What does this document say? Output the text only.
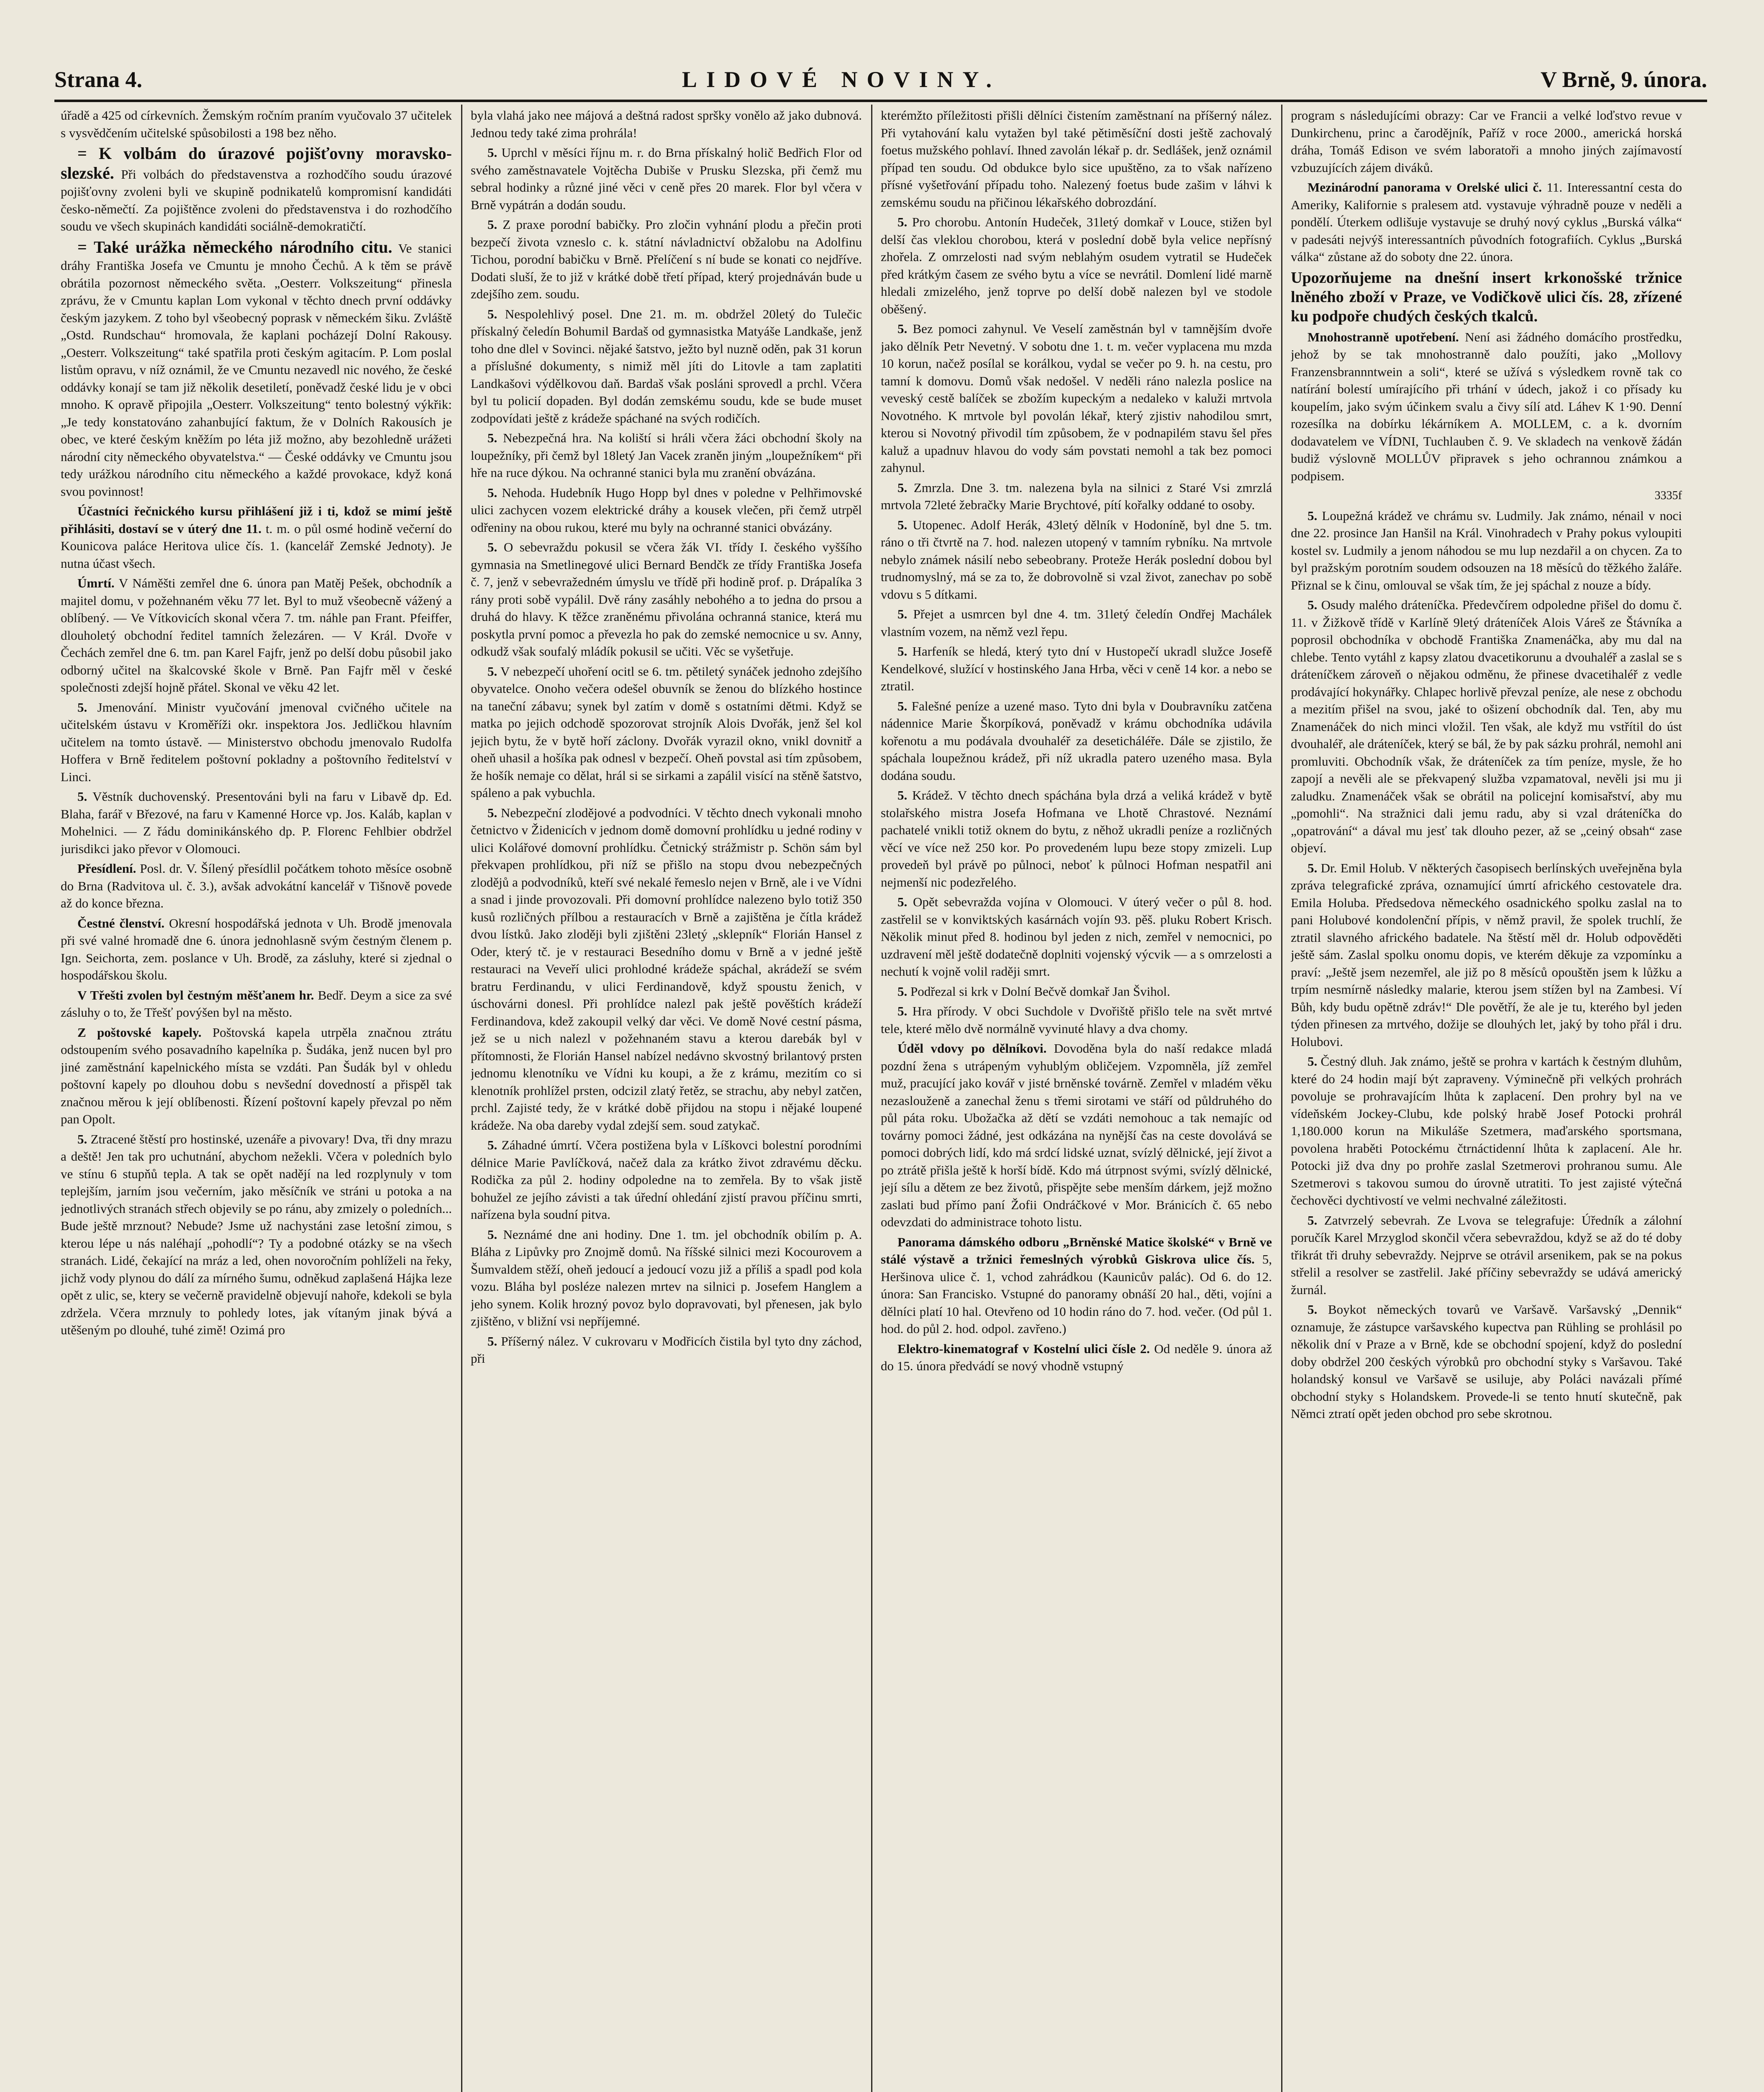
Strana 4.	LIDOVÉ NOVINY.	V Brně, 9. února.

úřadě a 425 od církevních. Žemským ročním praním vyučovalo 37 učitelek s vysvědčením učitelské spůsobilosti a 198 bez něho.

= K volbám do úrazové pojišťovny moravsko-slezské. Při volbách do představenstva a rozhodčího soudu úrazové pojišťovny zvoleni byli ve skupině podnikatelů kompromisní kandidáti česko-němečtí. Za pojištěnce zvoleni do představenstva i do rozhodčího soudu ve všech skupinách kandidáti sociálně-demokratičtí.

= Také urážka německého národního citu. Ve stanici dráhy Františka Josefa ve Cmuntu je mnoho Čechů. A k těm se právě obrátila pozornost německého světa. „Oesterr. Volkszeitung“ přinesla zprávu, že v Cmuntu kaplan Lom vykonal v těchto dnech první oddávky českým jazykem. Z toho byl všeobecný poprask v německém šiku. Zvláště „Ostd. Rundschau“ hromovala, že kaplani pocházejí Dolní Rakousy. „Oesterr. Volkszeitung“ také spatřila proti českým agitacím. P. Lom poslal listům opravu, v níž oznámil, že ve Cmuntu nezavedl nic nového, že české oddávky konají se tam již několik desetiletí, poněvadž české lidu je v obci mnoho. K opravě připojila „Oesterr. Volkszeitung“ tento bolestný výkřik: „Je tedy konstatováno zahanbující faktum, že v Dolních Rakousích je obec, ve které českým kněžím po léta již možno, aby bezohledně urážeti národní city německého obyvatelstva.“ — České oddávky ve Cmuntu jsou tedy urážkou národního citu německého a každé provokace, když koná svou povinnost!

Účastníci řečnického kursu přihlášení již i ti, kdož se mimí ještě přihlásiti, dostaví se v úterý dne 11. t. m. o půl osmé hodině večerní do Kounicova paláce Heritova ulice čís. 1. (kancelář Zemské Jednoty). Je nutna účast všech.

Úmrtí. V Náměšti zemřel dne 6. února pan Matěj Pešek, obchodník a majitel domu, v požehnaném věku 77 let. Byl to muž všeobecně vážený a oblíbený. — Ve Vítkovicích skonal včera 7. tm. náhle pan Frant. Pfeiffer, dlouholetý obchodní ředitel tamních železáren. — V Král. Dvoře v Čechách zemřel dne 6. tm. pan Karel Fajfr, jenž po delší dobu působil jako odborný učitel na škalcovské škole v Brně. Pan Fajfr měl v české společnosti zdejší hojně přátel. Skonal ve věku 42 let.

5. Jmenování. Ministr vyučování jmenoval cvičného učitele na učitelském ústavu v Kroměříži okr. inspektora Jos. Jedličkou hlavním učitelem na tomto ústavě. — Ministerstvo obchodu jmenovalo Rudolfa Hoffera v Brně ředitelem poštovní pokladny a poštovního ředitelství v Linci.

5. Věstník duchovenský. Presentováni byli na faru v Libavě dp. Ed. Blaha, farář v Březové, na faru v Kamenné Horce vp. Jos. Kaláb, kaplan v Mohelnici. — Z řádu dominikánského dp. P. Florenc Fehlbier obdržel jurisdikci jako převor v Olomouci.

Přesídlení. Posl. dr. V. Šílený přesídlil počátkem tohoto měsíce osobně do Brna (Radvitova ul. č. 3.), avšak advokátní kancelář v Tišnově povede až do konce března.

Čestné členství. Okresní hospodářská jednota v Uh. Brodě jmenovala při své valné hromadě dne 6. února jednohlasně svým čestným členem p. Ign. Seichorta, zem. poslance v Uh. Brodě, za zásluhy, které si zjednal o hospodářskou školu.

V Třešti zvolen byl čestným měšťanem hr. Bedř. Deym a sice za své zásluhy o to, že Třešť povýšen byl na město.

Z poštovské kapely. Poštovská kapela utrpěla značnou ztrátu odstoupením svého posavadního kapelníka p. Šudáka, jenž nucen byl pro jiné zaměstnání kapelnického místa se vzdáti. Pan Šudák byl v ohledu poštovní kapely po dlouhou dobu s nevšední dovedností a přispěl tak značnou měrou k její oblíbenosti. Řízení poštovní kapely převzal po něm pan Opolt.

5. Ztracené štěstí pro hostinské, uzenáře a pivovary! Dva, tři dny mrazu a deště! Jen tak pro uchutnání, abychom nežekli. Včera v poledních bylo ve stínu 6 stupňů tepla. A tak se opět nadějí na led rozplynuly v tom teplejším, jarním jsou večerním, jako měsíčník ve stráni u potoka a na jednotlivých stranách střech objevily se po ránu, aby zmizely o poledních... Bude ještě mrznout? Nebude? Jsme už nachystáni zase letošní zimou, s kterou lépe u nás naléhají „pohodlí“? Ty a podobné otázky se na všech stranách. Lidé, čekající na mráz a led, ohen novoročním pohlíželi na řeky, jichž vody plynou do dálí za mírného šumu, odněkud zaplašená Hájka leze opět z ulic, se, ktery se večerně pravidelně objevují nahoře, kdekoli se byla zdržela. Včera mrznuly to pohledy lotes, jak vítaným jinak bývá a utěšeným po dlouhé, tuhé zimě! Ozimá pro

byla vlahá jako nee májová a deštná radost spršky vonělo až jako dubnová. Jednou tedy také zima prohrála!

5. Uprchl v měsíci říjnu m. r. do Brna přískalný holič Bedřich Flor od svého zaměstnavatele Vojtěcha Dubiše v Prusku Slezska, při čemž mu sebral hodinky a různé jiné věci v ceně přes 20 marek. Flor byl včera v Brně vypátrán a dodán soudu.

5. Z praxe porodní babičky. Pro zločin vyhnání plodu a přečin proti bezpečí života vzneslo c. k. státní návladnictví obžalobu na Adolfinu Tichou, porodní babičku v Brně. Přelíčení s ní bude se konati co nejdříve. Dodati sluší, že to již v krátké době třetí případ, který projednáván bude u zdejšího zem. soudu.

5. Nespolehlivý posel. Dne 21. m. m. obdržel 20letý do Tulečic přískalný čeledín Bohumil Bardaš od gymnasistka Matyáše Landkaše, jenž toho dne dlel v Sovinci. nějaké šatstvo, ježto byl nuzně oděn, pak 31 korun a příslušné dokumenty, s nimiž měl jíti do Litovle a tam zaplatiti Landkašovi výdělkovou daň. Bardaš však posláni sprovedl a prchl. Včera byl tu policií dopaden. Byl dodán zemskému soudu, kde se bude muset zodpovídati ještě z krádeže spáchané na svých rodičích.

5. Nebezpečná hra. Na koliští si hráli včera žáci obchodní školy na loupežníky, při čemž byl 18letý Jan Vacek zraněn jiným „loupežníkem“ při hře na ruce dýkou. Na ochranné stanici byla mu zranění obvázána.

5. Nehoda. Hudebník Hugo Hopp byl dnes v poledne v Pelhřimovské ulici zachycen vozem elektrické dráhy a kousek vlečen, při čemž utrpěl odřeniny na obou rukou, které mu byly na ochranné stanici obvázány.

5. O sebevraždu pokusil se včera žák VI. třídy I. českého vyššího gymnasia na Smetlinegové ulici Bernard Bendčk ze třídy Františka Josefa č. 7, jenž v sebevražedném úmyslu ve třídě při hodině prof. p. Drápalíka 3 rány proti sobě vypálil. Dvě rány zasáhly nebohého a to jedna do prsou a druhá do hlavy. K těžce zraněnému přivolána ochranná stanice, která mu poskytla první pomoc a převezla ho pak do zemské nemocnice u sv. Anny, odkudž však soufalý mládík pokusil se učiti. Věc se vyšetřuje.

5. V nebezpečí uhoření ocitl se 6. tm. pětiletý synáček jednoho zdejšího obyvatelce. Onoho večera odešel obuvník se ženou do blízkého hostince na taneční zábavu; synek byl zatím v domě s ostatními dětmi. Když se matka po jejich odchodě spozorovat strojník Alois Dvořák, jenž šel kol jejich bytu, že v bytě hoří záclony. Dvořák vyrazil okno, vnikl dovnitř a oheň uhasil a hošíka pak odnesl v bezpečí. Oheň povstal asi tím způsobem, že hošík nemaje co dělat, hrál si se sirkami a zapálil visící na stěně šatstvo, spáleno a pak vybuchla.

5. Nebezpeční zlodějové a podvodníci. V těchto dnech vykonali mnoho četnictvo v Židenicích v jednom domě domovní prohlídku u jedné rodiny v ulici Kolářové domovní prohlídku. Četnický strážmistr p. Schön sám byl překvapen prohlídkou, při níž se přišlo na stopu dvou nebezpečných zlodějů a podvodníků, kteří své nekalé řemeslo nejen v Brně, ale i ve Vídni a snad i jinde provozovali. Při domovní prohlídce nalezeno bylo totiž 350 kusů rozličných přílbou a restauracích v Brně a zajištěna je čítla krádež dvou lístků. Jako zloději byli zjištěni 23letý „sklepník“ Florián Hansel z Oder, který tč. je v restauraci Besedního domu v Brně a v jedné ještě restauraci na Veveří ulici prohlodné krádeže spáchal, akrádeží se svém bratru Ferdinandu, v ulici Ferdinandově, když spoustu ženich, v úschovárni donesl. Při prohlídce nalezl pak ještě pověštích krádeží Ferdinandova, kdež zakoupil velký dar věci. Ve domě Nové cestní pásma, jež se u nich nalezl v požehnaném stavu a kterou darebák byl v přítomnosti, že Florián Hansel nabízel nedávno skvostný brilantový prsten jednomu klenotníku ve Vídni ku koupi, a že z krámu, mezitím co si klenotník prohlížel prsten, odcizil zlatý řetěz, se strachu, aby nebyl zatčen, prchl. Zajisté tedy, že v krátké době přijdou na stopu i nějaké loupené krádeže. Na oba dareby vydal zdejší sem. soud zatykač.

5. Záhadné úmrtí. Včera postižena byla v Líškovci bolestní porodními délnice Marie Pavlíčková, načež dala za krátko život zdravému děcku. Rodička za půl 2. hodiny odpoledne na to zemřela. By to však jistě bohužel ze jejího závisti a tak úřední ohledání zjistí pravou příčinu smrti, nařízena byla soudní pitva.

5. Neznámé dne ani hodiny. Dne 1. tm. jel obchodník obilím p. A. Bláha z Lipůvky pro Znojmě domů. Na říšské silnici mezi Kocourovem a Šumvaldem stěží, oheň jedoucí a jedoucí vozu již a příliš a spadl pod kola vozu. Bláha byl posléze nalezen mrtev na silnici p. Josefem Hanglem a jeho synem. Kolik hrozný povoz bylo dopravovati, byl přenesen, jak bylo zjištěno, v bližní vsi nepříjemné.

5. Příšerný nález. V cukrovaru v Modřicích čistila byl tyto dny záchod, při

kterémžto příležitosti přišli dělníci čistením zaměstnaní na příšerný nález. Při vytahování kalu vytažen byl také pětiměsíční dosti ještě zachovalý foetus mužského pohlaví. Ihned zavolán lékař p. dr. Sedlášek, jenž oznámil případ ten soudu. Od obdukce bylo sice upuštěno, za to však nařízeno přísné vyšetřování případu toho. Nalezený foetus bude zašim v láhvi k zemskému soudu na přičinou lékařského dobrozdání.

5. Pro chorobu. Antonín Hudeček, 31letý domkař v Louce, stižen byl delší čas vleklou chorobou, která v poslední době byla velice nepřísný zhořela. Z omrzelosti nad svým neblahým osudem vytratil se Hudeček před krátkým časem ze svého bytu a více se nevrátil. Domlení lidé marně hledali zmizelého, jenž toprve po delší době nalezen byl ve stodole oběšený.

5. Bez pomoci zahynul. Ve Veselí zaměstnán byl v tamnějším dvoře jako dělník Petr Nevetný. V sobotu dne 1. t. m. večer vyplacena mu mzda 10 korun, načež posílal se korálkou, vydal se večer po 9. h. na cestu, pro tamní k domovu. Domů však nedošel. V neděli ráno nalezla poslice na veveský cestě balíček se zbožím kupeckým a nedaleko v kaluži mrtvola Novotného. K mrtvole byl povolán lékař, který zjistiv nahodilou smrt, kterou si Novotný přivodil tím způsobem, že v podnapilém stavu šel přes kaluž a upadnuv hlavou do vody sám povstati nemohl a tak bez pomoci zahynul.

5. Zmrzla. Dne 3. tm. nalezena byla na silnici z Staré Vsi zmrzlá mrtvola 72leté žebračky Marie Brychtové, pítí kořalky oddané to osoby.

5. Utopenec. Adolf Herák, 43letý dělník v Hodoníně, byl dne 5. tm. ráno o tři čtvrtě na 7. hod. nalezen utopený v tamním rybníku. Na mrtvole nebylo známek násilí nebo sebeobrany. Proteže Herák poslední dobou byl trudnomyslný, má se za to, že dobrovolně si vzal život, zanechav po sobě vdovu s 5 dítkami.

5. Přejet a usmrcen byl dne 4. tm. 31letý čeledín Ondřej Machálek vlastním vozem, na němž vezl řepu.

5. Harfeník se hledá, který tyto dní v Hustopečí ukradl služce Josefě Kendelkové, služící v hostinského Jana Hrba, věci v ceně 14 kor. a nebo se ztratil.

5. Falešné peníze a uzené maso. Tyto dni byla v Doubravníku zatčena nádennice Marie Škorpíková, poněvadž v krámu obchodníka udávila kořenotu a mu podávala dvouhaléř za deseticháléře. Dále se zjistilo, že spáchala loupežnou krádež, při níž ukradla patero uzeného masa. Byla dodána soudu.

5. Krádež. V těchto dnech spáchána byla drzá a veliká krádež v bytě stolařského mistra Josefa Hofmana ve Lhotě Chrastové. Neznámí pachatelé vnikli totiž oknem do bytu, z něhož ukradli peníze a rozličných věcí ve více než 250 kor. Po provedeném lupu beze stopy zmizeli. Lup provedeň byl právě po půlnoci, neboť k půlnoci Hofman nespatřil ani nejmenší nic podezřelého.

5. Opět sebevražda vojína v Olomouci. V úterý večer o půl 8. hod. zastřelil se v konviktských kasárnách vojín 93. pěš. pluku Robert Krisch. Několik minut před 8. hodinou byl jeden z nich, zemřel v nemocnici, po uzdravení měl ještě dodatečně doplniti vojenský výcvik — a s omrzelosti a nechutí k vojně volil raději smrt.

5. Podřezal si krk v Dolní Bečvě domkař Jan Švihol.

5. Hra přírody. V obci Suchdole v Dvořiště přišlo tele na svět mrtvé tele, které mělo dvě normálně vyvinuté hlavy a dva chomy.

Úděl vdovy po dělníkovi. Dovoděna byla do naší redakce mladá pozdní žena s utrápeným vyhublým obličejem. Vzpomněla, jíž zemřel muž, pracující jako kovář v jisté brněnské továrně. Zemřel v mladém věku nezaslouženě a zanechal ženu s třemi sirotami ve stáří od půldruhého do půl páta roku. Ubožačka až dětí se vzdáti nemohouc a tak nemajíc od továrny pomoci žádné, jest odkázána na nynější čas na ceste dovolává se pomoci dobrých lidí, kdo má srdcí lidské uznat, svízlý dělnické, její život a po ztrátě přišla ještě k horší bídě. Kdo má útrpnost svými, svízlý dělnické, její sílu a dětem ze bez životů, přispějte sebe menším dárkem, jejž možno zaslati bud přímo paní Žofii Ondráčkové v Mor. Bránicích č. 65 nebo odevzdati do administrace tohoto listu.

Panorama dámského odboru „Brněnské Matice školské“ v Brně ve stálé výstavě a tržnici řemeslných výrobků Giskrova ulice čís. 5, Heršinova ulice č. 1, vchod zahrádkou (Kaunicův palác). Od 6. do 12. února: San Francisko. Vstupné do panoramy obnáší 20 hal., děti, vojíni a dělníci platí 10 hal. Otevřeno od 10 hodin ráno do 7. hod. večer. (Od půl 1. hod. do půl 2. hod. odpol. zavřeno.)

Elektro-kinematograf v Kostelní ulici čísle 2. Od neděle 9. února až do 15. února předvádí se nový vhodně vstupný

program s následujícími obrazy: Car ve Francii a velké loďstvo revue v Dunkirchenu, princ a čarodějník, Paříž v roce 2000., americká horská dráha, Tomáš Edison ve svém laboratoři a mnoho jiných zajímavostí vzbuzujících zájem diváků.

Mezinárodní panorama v Orelské ulici č. 11. Interessantní cesta do Ameriky, Kalifornie s pralesem atd. vystavuje výhradně pouze v neděli a pondělí. Úterkem odlišuje vystavuje se druhý nový cyklus „Burská válka“ v padesáti nejvýš interessantních původních fotografiích. Cyklus „Burská válka“ zůstane až do soboty dne 22. února.

Upozorňujeme na dnešní insert krkonošské tržnice lněného zboží v Praze, ve Vodičkově ulici čís. 28, zřízené ku podpoře chudých českých tkalců.

Mnohostranně upotřebení. Není asi žádného domácího prostředku, jehož by se tak mnohostranně dalo použíti, jako „Mollovy Franzensbrannntwein a soli“, které se užívá s výsledkem rovně tak co natírání bolestí umírajícího při trhání v údech, jakož i co přísady ku koupelím, jako svým účinkem svalu a čivy sílí atd. Láhev K 1·90. Denní rozesílka na dobírku lékárníkem A. MOLLEM, c. a k. dvorním dodavatelem ve VÍDNI, Tuchlauben č. 9. Ve skladech na venkově žádán budiž výslovně MOLLŮV připravek s jeho ochrannou známkou a podpisem.

3335f

5. Loupežná krádež ve chrámu sv. Ludmily. Jak známo, nénail v noci dne 22. prosince Jan Hanšil na Král. Vinohradech v Prahy pokus vyloupiti kostel sv. Ludmily a jenom náhodou se mu lup nezdařil a on chycen. Za to byl pražským porotním soudem odsouzen na 18 měsíců do těžkého žaláře. Přiznal se k činu, omlouval se však tím, že jej spáchal z nouze a bídy.

5. Osudy malého dráteníčka. Předevčírem odpoledne přišel do domu č. 11. v Žižkově třídě v Karlíně 9letý dráteníček Alois Váreš ze Štávníka a poprosil obchodníka v obchodě Františka Znamenáčka, aby mu dal na chlebe. Tento vytáhl z kapsy zlatou dvacetikorunu a dvouhaléř a zaslal se s dráteníčkem zároveň o nějakou odměnu, že přinese dvacetihaléř z vedle prodávající hokynářky. Chlapec horlivě převzal peníze, ale nese z obchodu a mezitím přišel na svou, jaké to ošizení obchodník dal. Ten, aby mu Znamenáček do nich minci vložil. Ten však, ale když mu vstřítil do úst dvouhaléř, ale dráteníček, který se bál, že by pak sázku prohrál, nemohl ani promluviti. Obchodník však, že dráteníček za tím peníze, mysle, že ho zapojí a nevěli ale se překvapený služba vzpamatoval, nevěli jsi mu ji zaludku. Znamenáček však se obrátil na policejní komisařství, aby mu „pomohli“. Na stražnici dali jemu radu, aby si vzal dráteníčka do „opatrování“ a dával mu jesť tak dlouho pezer, až se „ceiný obsah“ zase objeví.

5. Dr. Emil Holub. V některých časopisech berlínských uveřejněna byla zpráva telegrafické zpráva, oznamující úmrtí afrického cestovatele dra. Emila Holuba. Předsedova německého osadnického spolku zaslal na to pani Holubové kondolenční přípis, v němž pravil, že spolek truchlí, že ztratil slavného afrického badatele. Na štěstí měl dr. Holub odpověděti ještě sám. Zaslal spolku onomu dopis, ve kterém děkuje za vzpomínku a praví: „Ještě jsem nezemřel, ale již po 8 měsíců opouštěn jsem k lůžku a trpím nesmírně následky malarie, kterou jsem stížen byl na Zambesi. Ví Bůh, kdy budu opětně zdráv!“ Dle povětří, že ale je tu, kterého byl jeden týden přinesen za mrtvého, dožije se dlouhých let, jaký by toho přál i dru. Holubovi.

5. Čestný dluh. Jak známo, ještě se prohra v kartách k čestným dluhům, které do 24 hodin mají být zapraveny. Výminečně při velkých prohrách povoluje se prohravajícím lhůta k zaplacení. Den prohry byl na ve vídeňském Jockey-Clubu, kde polský hrabě Josef Potocki prohrál 1,180.000 korun na Mikuláše Szetmera, maďarského sportsmana, povolena hraběti Potockému čtrnáctidenní lhůta k zaplacení. Ale hr. Potocki již dva dny po prohře zaslal Szetmerovi prohranou sumu. Ale Szetmerovi s takovou sumou do úrovně utratiti. To jest zajisté výtečná čechověci dychtivostí ve velmi nechvalné záležitosti.

5. Zatvrzelý sebevrah. Ze Lvova se telegrafuje: Úředník a zálohní poručík Karel Mrzyglod skončil včera sebevraždou, když se až do té doby třikrát tři druhy sebevraždy. Nejprve se otrávil arsenikem, pak se na pokus střelil a resolver se zastřelil. Jaké příčiny sebevraždy se udává americký žurnál.

5. Boykot německých tovarů ve Varšavě. Varšavský „Dennik“ oznamuje, že zástupce varšavského kupectva pan Rühling se prohlásil po několik dní v Praze a v Brně, kde se obchodní spojení, když do poslední doby obdržel 200 českých výrobků pro obchodní styky s Varšavou. Také holandský konsul ve Varšavě se usiluje, aby Poláci navázali přímé obchodní styky s Holandskem. Provede-li se tento hnutí skutečně, pak Němci ztratí opět jeden obchod pro sebe skrotnou.
